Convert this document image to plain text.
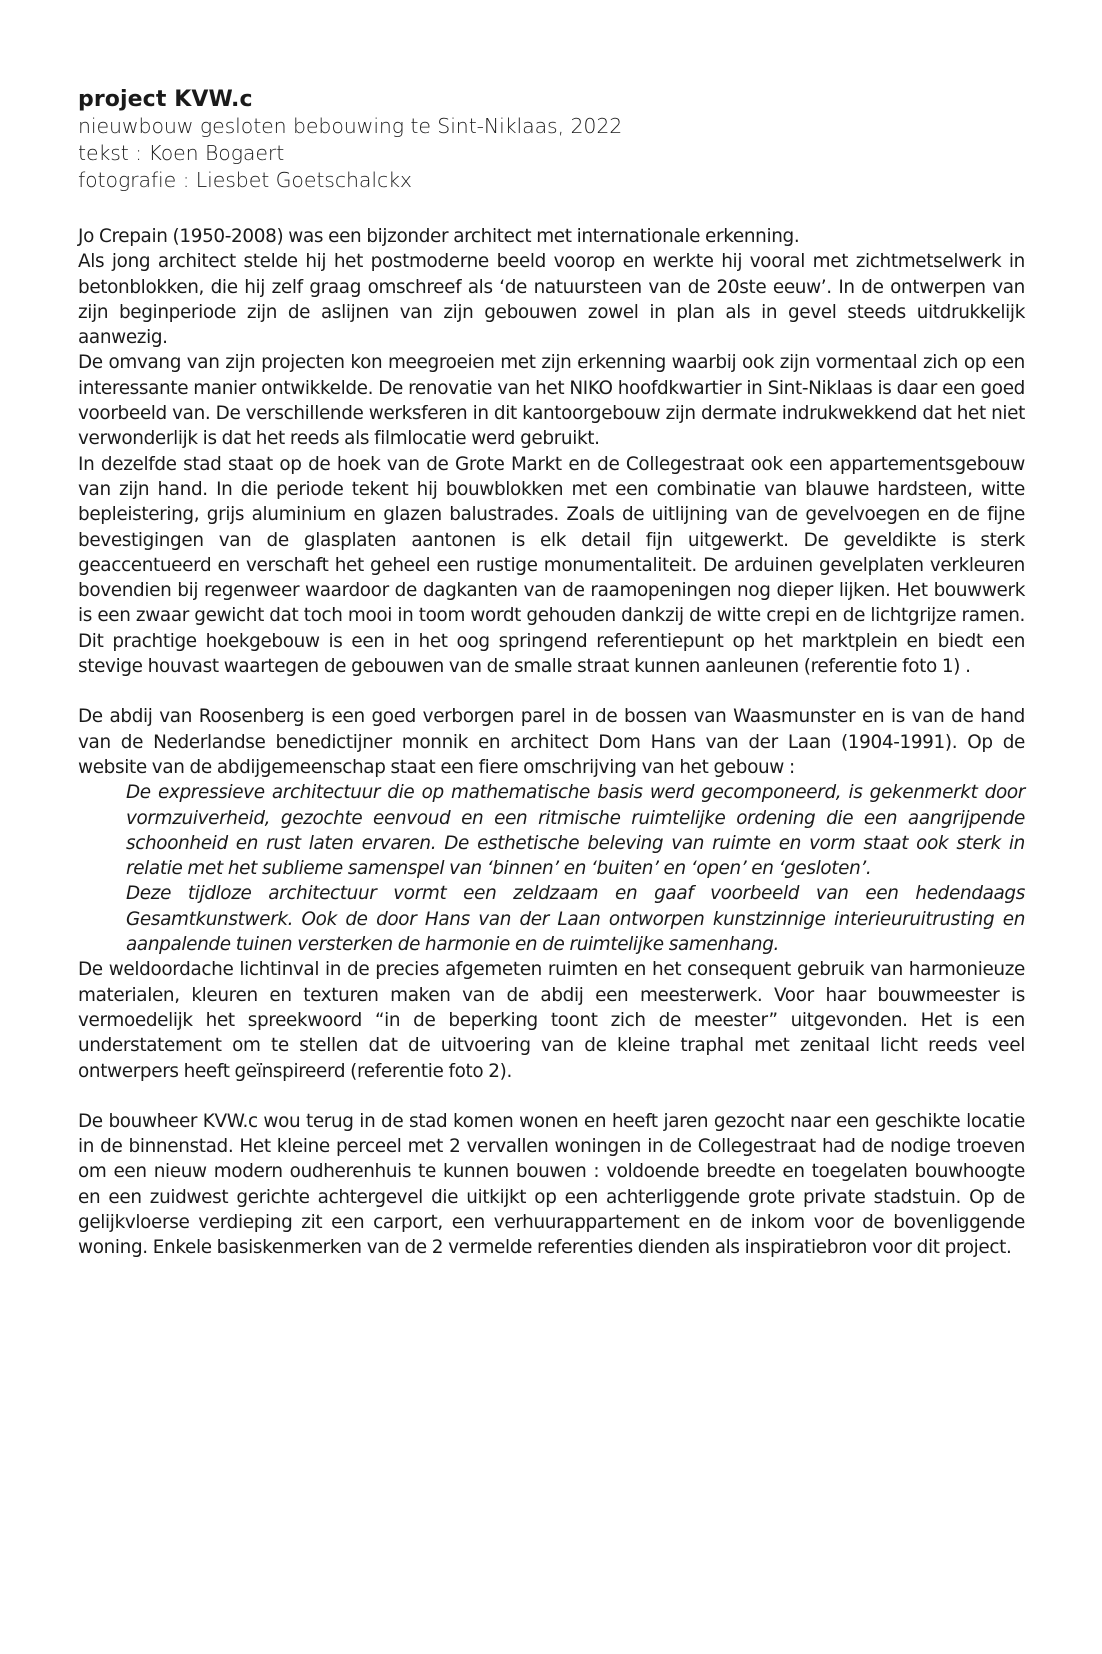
project KVW.c

nieuwbouw gesloten bebouwing te Sint-Niklaas, 2022

tekst : Koen Bogaert

fotografie : Liesbet Goetschalckx

Jo Crepain (1950-2008) was een bijzonder architect met internationale erkenning.

Als jong architect stelde hij het postmoderne beeld voorop en werkte hij vooral met zichtmetselwerk in betonblokken, die hij zelf graag omschreef als ‘de natuursteen van de 20ste eeuw’. In de ontwerpen van zijn beginperiode zijn de aslijnen van zijn gebouwen zowel in plan als in gevel steeds uitdrukkelijk aanwezig.

De omvang van zijn projecten kon meegroeien met zijn erkenning waarbij ook zijn vormentaal zich op een interessante manier ontwikkelde. De renovatie van het NIKO hoofdkwartier in Sint-Niklaas is daar een goed voorbeeld van. De verschillende werksferen in dit kantoorgebouw zijn dermate indrukwekkend dat het niet verwonderlijk is dat het reeds als filmlocatie werd gebruikt.

In dezelfde stad staat op de hoek van de Grote Markt en de Collegestraat ook een appartementsgebouw van zijn hand. In die periode tekent hij bouwblokken met een combinatie van blauwe hardsteen, witte bepleistering, grijs aluminium en glazen balustrades. Zoals de uitlijning van de gevelvoegen en de fijne bevestigingen van de glasplaten aantonen is elk detail fijn uitgewerkt. De geveldikte is sterk geaccentueerd en verschaft het geheel een rustige monumentaliteit. De arduinen gevelplaten verkleuren bovendien bij regenweer waardoor de dagkanten van de raamopeningen nog dieper lijken. Het bouwwerk is een zwaar gewicht dat toch mooi in toom wordt gehouden dankzij de witte crepi en de lichtgrijze ramen. Dit prachtige hoekgebouw is een in het oog springend referentiepunt op het marktplein en biedt een stevige houvast waartegen de gebouwen van de smalle straat kunnen aanleunen (referentie foto 1) .

De abdij van Roosenberg is een goed verborgen parel in de bossen van Waasmunster en is van de hand van de Nederlandse benedictijner monnik en architect Dom Hans van der Laan (1904-1991). Op de website van de abdijgemeenschap staat een fiere omschrijving van het gebouw :

De expressieve architectuur die op mathematische basis werd gecomponeerd, is gekenmerkt door vormzuiverheid, gezochte eenvoud en een ritmische ruimtelijke ordening die een aangrijpende schoonheid en rust laten ervaren. De esthetische beleving van ruimte en vorm staat ook sterk in relatie met het sublieme samenspel van ‘binnen’ en ‘buiten’ en ‘open’ en ‘gesloten’.

Deze tijdloze architectuur vormt een zeldzaam en gaaf voorbeeld van een hedendaags Gesamtkunstwerk. Ook de door Hans van der Laan ontworpen kunstzinnige interieuruitrusting en aanpalende tuinen versterken de harmonie en de ruimtelijke samenhang.

De weldoordache lichtinval in de precies afgemeten ruimten en het consequent gebruik van harmonieuze materialen, kleuren en texturen maken van de abdij een meesterwerk. Voor haar bouwmeester is vermoedelijk het spreekwoord “in de beperking toont zich de meester” uitgevonden. Het is een understatement om te stellen dat de uitvoering van de kleine traphal met zenitaal licht reeds veel ontwerpers heeft geïnspireerd (referentie foto 2).

De bouwheer KVW.c wou terug in de stad komen wonen en heeft jaren gezocht naar een geschikte locatie in de binnenstad. Het kleine perceel met 2 vervallen woningen in de Collegestraat had de nodige troeven om een nieuw modern oudherenhuis te kunnen bouwen : voldoende breedte en toegelaten bouwhoogte en een zuidwest gerichte achtergevel die uitkijkt op een achterliggende grote private stadstuin. Op de gelijkvloerse verdieping zit een carport, een verhuurappartement en de inkom voor de bovenliggende woning. Enkele basiskenmerken van de 2 vermelde referenties dienden als inspiratiebron voor dit project.
